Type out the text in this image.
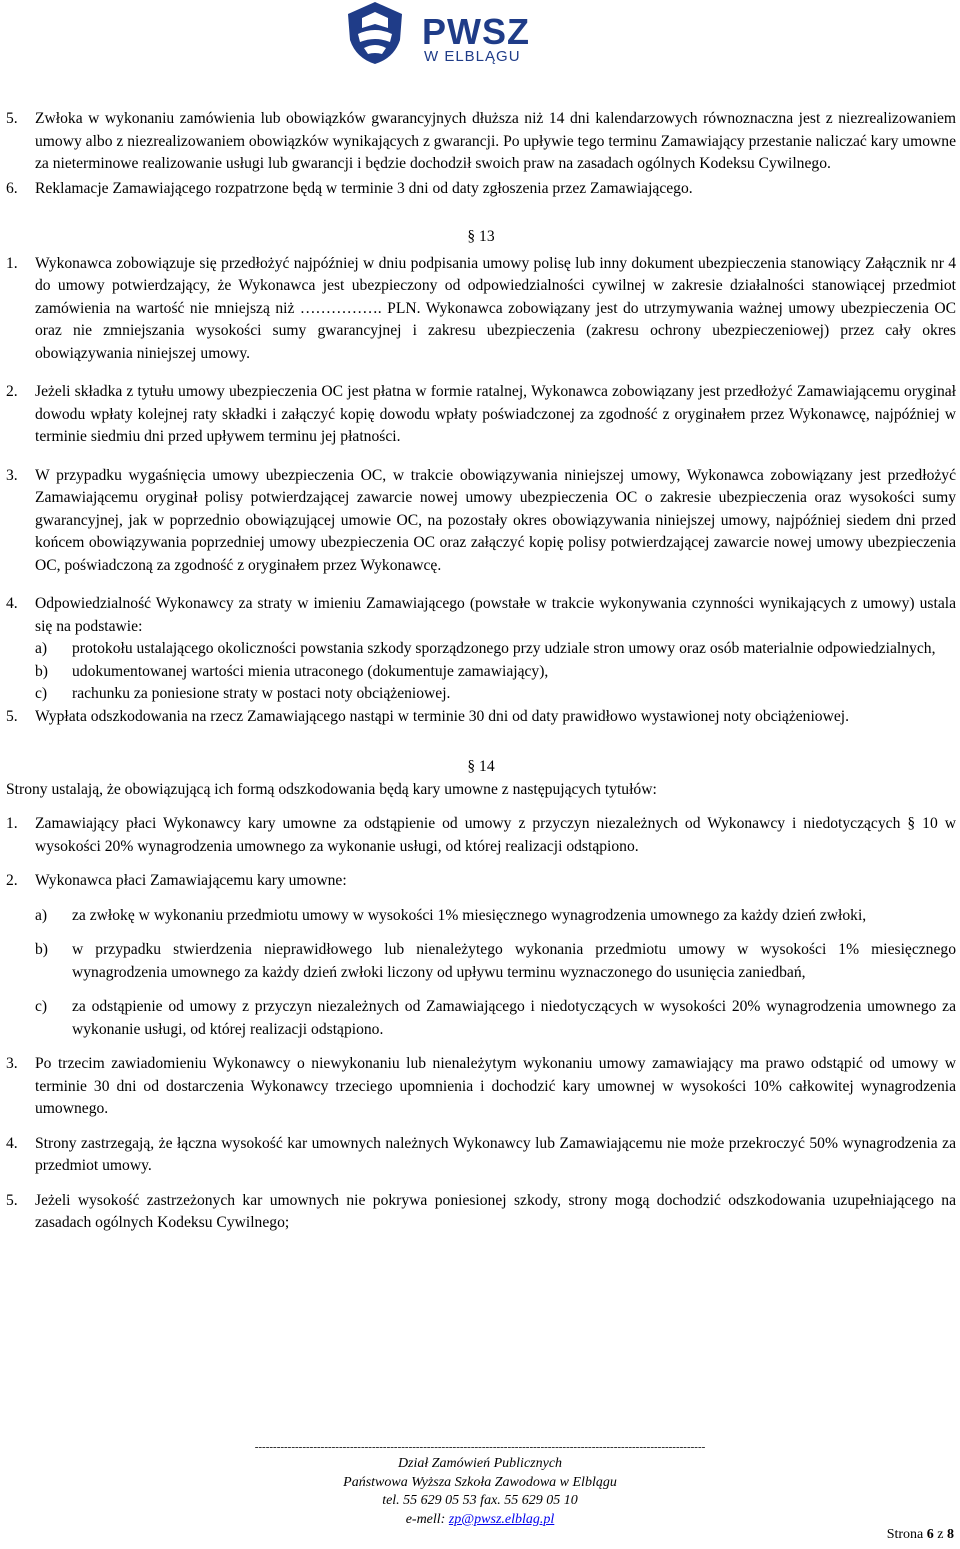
PWSZ
W ELBLĄGU
5. Zwłoka w wykonaniu zamówienia lub obowiązków gwarancyjnych dłuższa niż 14 dni kalendarzowych równoznaczna jest z niezrealizowaniem umowy albo z niezrealizowaniem obowiązków wynikających z gwarancji. Po upływie tego terminu Zamawiający przestanie naliczać kary umowne za nieterminowe realizowanie usługi lub gwarancji i będzie dochodził swoich praw na zasadach ogólnych Kodeksu Cywilnego.
6. Reklamacje Zamawiającego rozpatrzone będą w terminie 3 dni od daty zgłoszenia przez Zamawiającego.
§ 13
1. Wykonawca zobowiązuje się przedłożyć najpóźniej w dniu podpisania umowy polisę lub inny dokument ubezpieczenia stanowiący Załącznik nr 4 do umowy potwierdzający, że Wykonawca jest ubezpieczony od odpowiedzialności cywilnej w zakresie działalności stanowiącej przedmiot zamówienia na wartość nie mniejszą niż ……………. PLN. Wykonawca zobowiązany jest do utrzymywania ważnej umowy ubezpieczenia OC oraz nie zmniejszania wysokości sumy gwarancyjnej i zakresu ubezpieczenia (zakresu ochrony ubezpieczeniowej) przez cały okres obowiązywania niniejszej umowy.
2. Jeżeli składka z tytułu umowy ubezpieczenia OC jest płatna w formie ratalnej, Wykonawca zobowiązany jest przedłożyć Zamawiającemu oryginał dowodu wpłaty kolejnej raty składki i załączyć kopię dowodu wpłaty poświadczonej za zgodność z oryginałem przez Wykonawcę, najpóźniej w terminie siedmiu dni przed upływem terminu jej płatności.
3. W przypadku wygaśnięcia umowy ubezpieczenia OC, w trakcie obowiązywania niniejszej umowy, Wykonawca zobowiązany jest przedłożyć Zamawiającemu oryginał polisy potwierdzającej zawarcie nowej umowy ubezpieczenia OC o zakresie ubezpieczenia oraz wysokości sumy gwarancyjnej, jak w poprzednio obowiązującej umowie OC, na pozostały okres obowiązywania niniejszej umowy, najpóźniej siedem dni przed końcem obowiązywania poprzedniej umowy ubezpieczenia OC oraz załączyć kopię polisy potwierdzającej zawarcie nowej umowy ubezpieczenia OC, poświadczoną za zgodność z oryginałem przez Wykonawcę.
4. Odpowiedzialność Wykonawcy za straty w imieniu Zamawiającego (powstałe w trakcie wykonywania czynności wynikających z umowy) ustala się na podstawie:
a) protokołu ustalającego okoliczności powstania szkody sporządzonego przy udziale stron umowy oraz osób materialnie odpowiedzialnych,
b) udokumentowanej wartości mienia utraconego (dokumentuje zamawiający),
c) rachunku za poniesione straty w postaci noty obciążeniowej.
5. Wypłata odszkodowania na rzecz Zamawiającego nastąpi w terminie 30 dni od daty prawidłowo wystawionej noty obciążeniowej.
§ 14
Strony ustalają, że obowiązującą ich formą odszkodowania będą kary umowne z następujących tytułów:
1. Zamawiający płaci Wykonawcy kary umowne za odstąpienie od umowy z przyczyn niezależnych od Wykonawcy i niedotyczących § 10 w wysokości 20% wynagrodzenia umownego za wykonanie usługi, od której realizacji odstąpiono.
2. Wykonawca płaci Zamawiającemu kary umowne:
a) za zwłokę w wykonaniu przedmiotu umowy w wysokości 1% miesięcznego wynagrodzenia umownego za każdy dzień zwłoki,
b) w przypadku stwierdzenia nieprawidłowego lub nienależytego wykonania przedmiotu umowy w wysokości 1% miesięcznego wynagrodzenia umownego za każdy dzień zwłoki liczony od upływu terminu wyznaczonego do usunięcia zaniedbań,
c) za odstąpienie od umowy z przyczyn niezależnych od Zamawiającego i niedotyczących w wysokości 20% wynagrodzenia umownego za wykonanie usługi, od której realizacji odstąpiono.
3. Po trzecim zawiadomieniu Wykonawcy o niewykonaniu lub nienależytym wykonaniu umowy zamawiający ma prawo odstąpić od umowy w terminie 30 dni od dostarczenia Wykonawcy trzeciego upomnienia i dochodzić kary umownej w wysokości 10% całkowitej wynagrodzenia umownego.
4. Strony zastrzegają, że łączna wysokość kar umownych należnych Wykonawcy lub Zamawiającemu nie może przekroczyć 50% wynagrodzenia za przedmiot umowy.
5. Jeżeli wysokość zastrzeżonych kar umownych nie pokrywa poniesionej szkody, strony mogą dochodzić odszkodowania uzupełniającego na zasadach ogólnych Kodeksu Cywilnego;
---------------------------------------------------------------------------------------------------------------------------
Dział Zamówień Publicznych
Państwowa Wyższa Szkoła Zawodowa w Elblągu
tel. 55 629 05 53 fax. 55 629 05 10
e-mell: zp@pwsz.elblag.pl
Strona 6 z 8
